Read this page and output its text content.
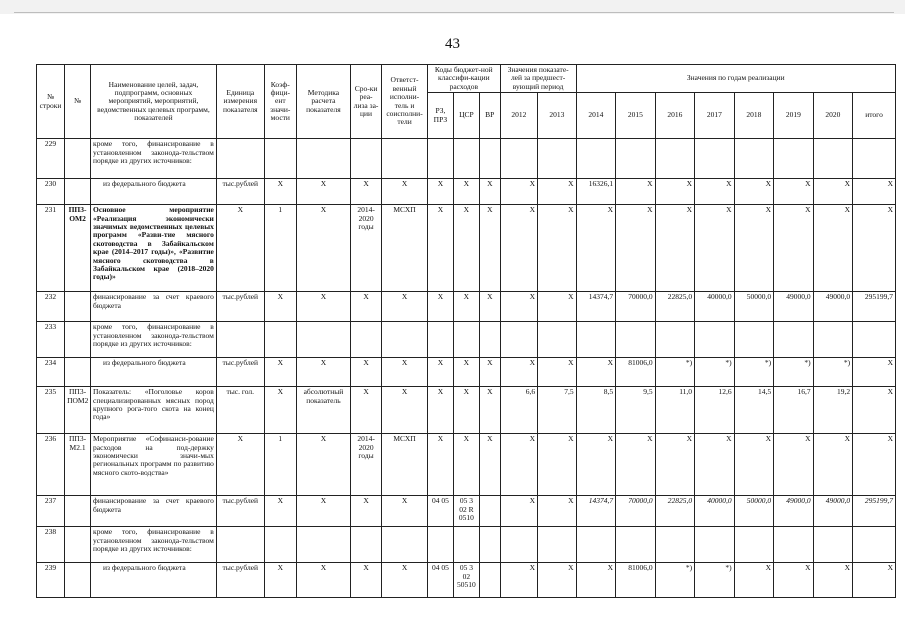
43
№
строки	№	Наименование целей, задач, подпрограмм, основных мероприятий, мероприятий, ведомственных целевых программ, показателей	Единица измерения показателя	Коэф-фици-ент значи-мости	Методика расчета показателя	Сро-ки реа-лиза за-ции	Ответст-венный исполни-тель и соисполни-тели	Коды бюджет-ной классифи-кации расходов			Значения показате-лей за предшест-вующий период		Значения по годам реализации							
								РЗ, ПРЗ	ЦСР	ВР	2012	2013	2014	2015	2016	2017	2018	2019	2020	итого
229		кроме того, финансирование в установленном законода-тельством порядке из других источников:																		
230		из федерального бюджета	тыс.рублей	X	X	X	X	X	X	X	X	X	16326,1	X	X	X	X	X	X	X
231	ПП3-ОМ2	Основное мероприятие «Реализация экономически значимых ведомственных целевых программ «Разви-тие мясного скотоводства в Забайкальском крае (2014–2017 годы)», «Развитие мясного скотоводства в Забайкальском крае (2018–2020 годы)»	X	1	X	2014-2020 годы	МСХП	X	X	X	X	X	X	X	X	X	X	X	X	X
232		финансирование за счет краевого бюджета	тыс.рублей	X	X	X	X	X	X	X	X	X	14374,7	70000,0	22825,0	40000,0	50000,0	49000,0	49000,0	295199,7
233		кроме того, финансирование в установленном законода-тельством порядке из других источников:																		
234		из федерального бюджета	тыс.рублей	X	X	X	X	X	X	X	X	X	X	81006,0	*)	*)	*)	*)	*)	X
235	ПП3-ПОМ2	Показатель: «Поголовье коров специализированных мясных пород крупного рога-того скота на конец года»	тыс. гол.	X	абсолютный показатель	X	X	X	X	X	6,6	7,5	8,5	9,5	11,0	12,6	14,5	16,7	19,2	X
236	ПП3-М2.1	Мероприятие «Софинанси-рование расходов на под-держку экономически значи-мых региональных программ по развитию мясного ското-водства»	X	1	X	2014-2020 годы	МСХП	X	X	X	X	X	X	X	X	X	X	X	X	X
237		финансирование за счет краевого бюджета	тыс.рублей	X	X	X	X	04 05	05 3 02 R 0510		X	X	14374,7	70000,0	22825,0	40000,0	50000,0	49000,0	49000,0	295199,7
238		кроме того, финансирование в установленном законода-тельством порядке из других источников:																		
239		из федерального бюджета	тыс.рублей	X	X	X	X	04 05	05 3 02 50510		X	X	X	81006,0	*)	*)	X	X	X	X
